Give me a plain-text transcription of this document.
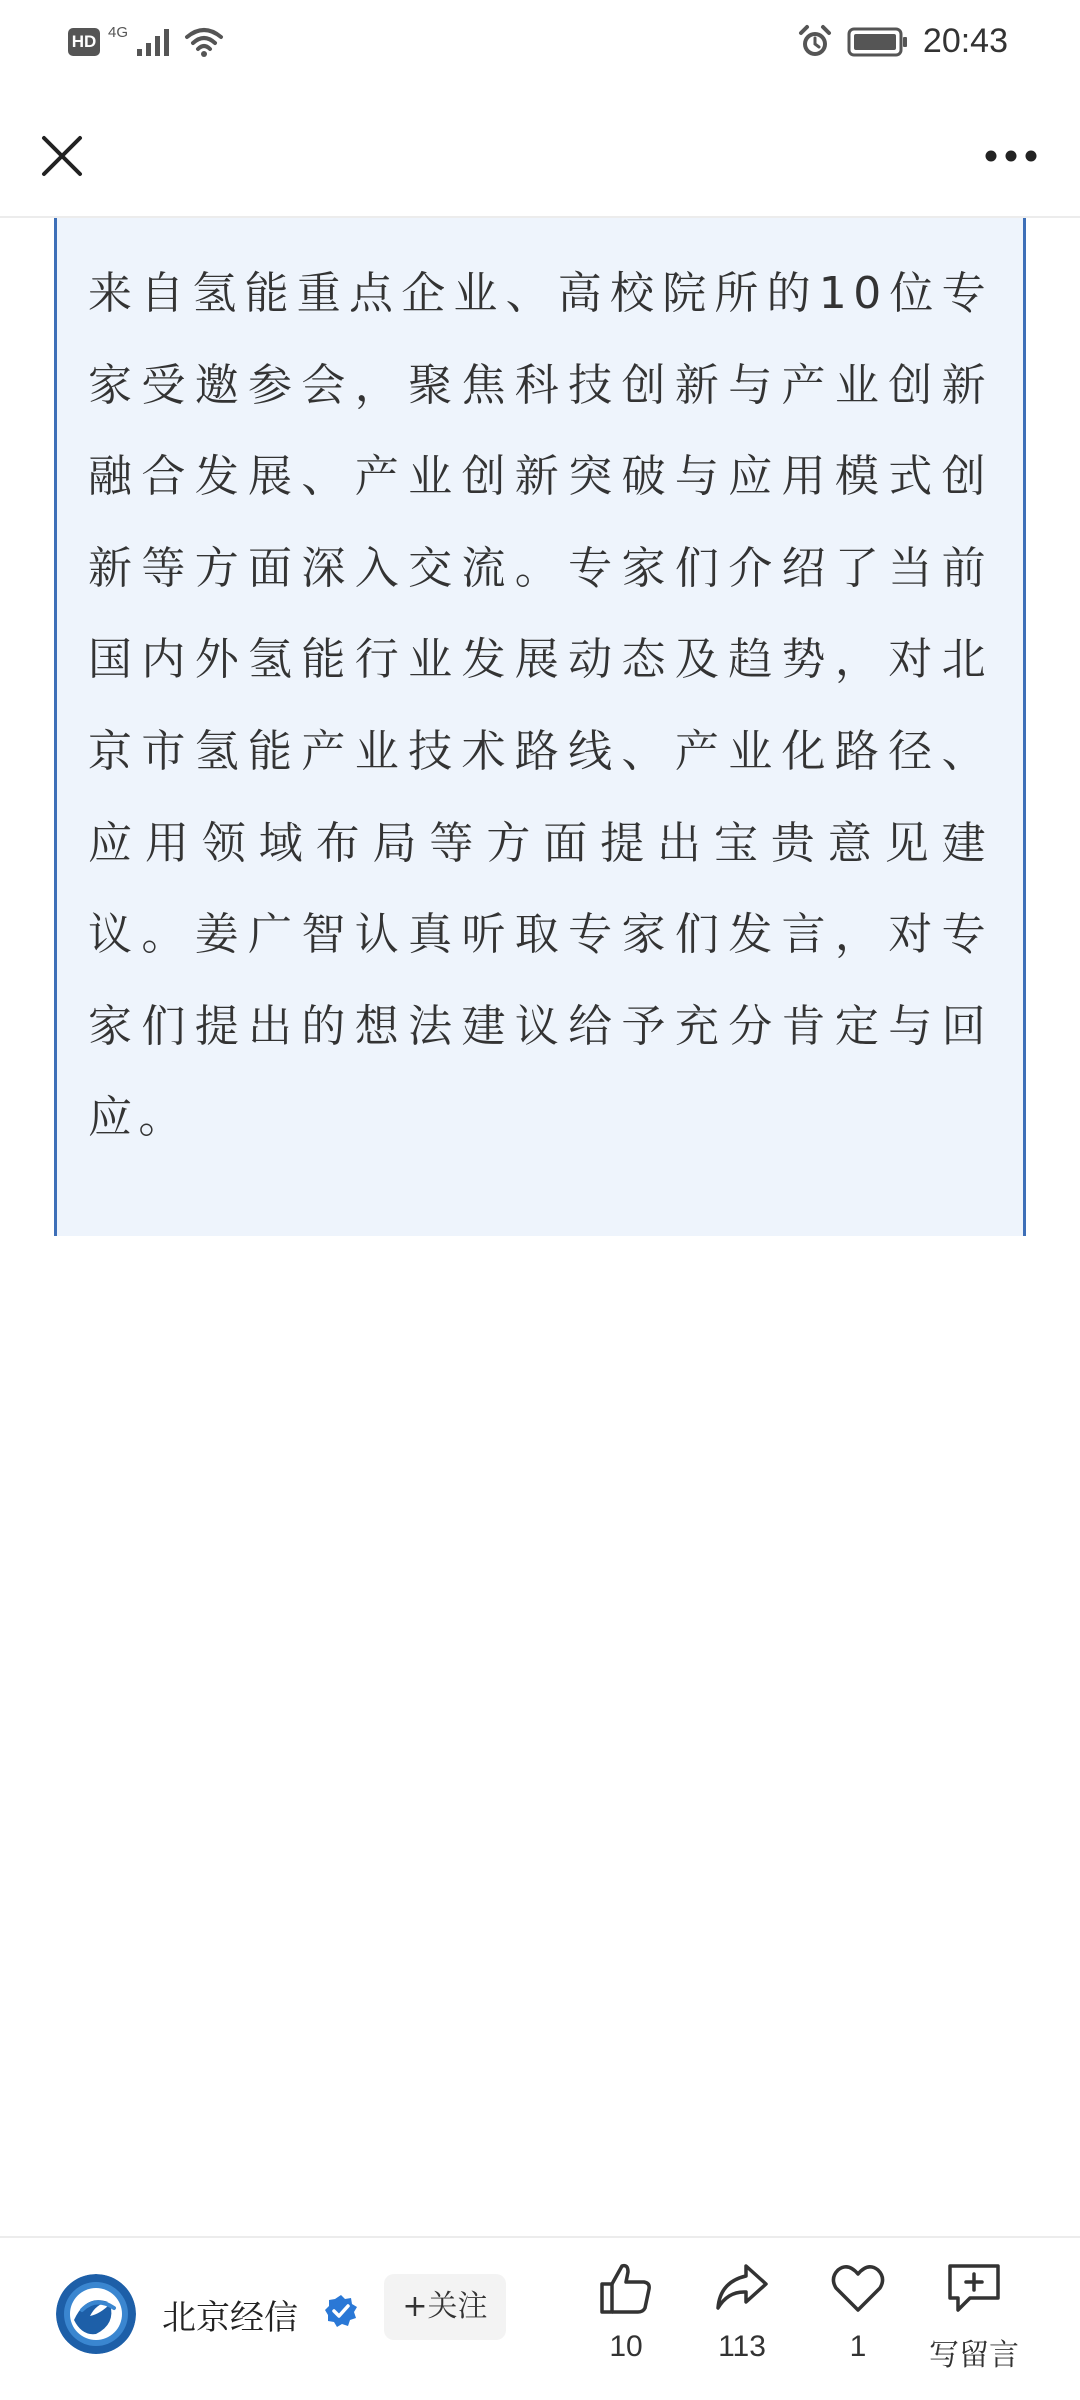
HD 4G	20:43

来自氢能重点企业、高校院所的10位专家受邀参会，聚焦科技创新与产业创新融合发展、产业创新突破与应用模式创新等方面深入交流。专家们介绍了当前国内外氢能行业发展动态及趋势，对北京市氢能产业技术路线、产业化路径、应用领域布局等方面提出宝贵意见建议。姜广智认真听取专家们发言，对专家们提出的想法建议给予充分肯定与回应。

北京经信	+关注
10	113	1	写留言
